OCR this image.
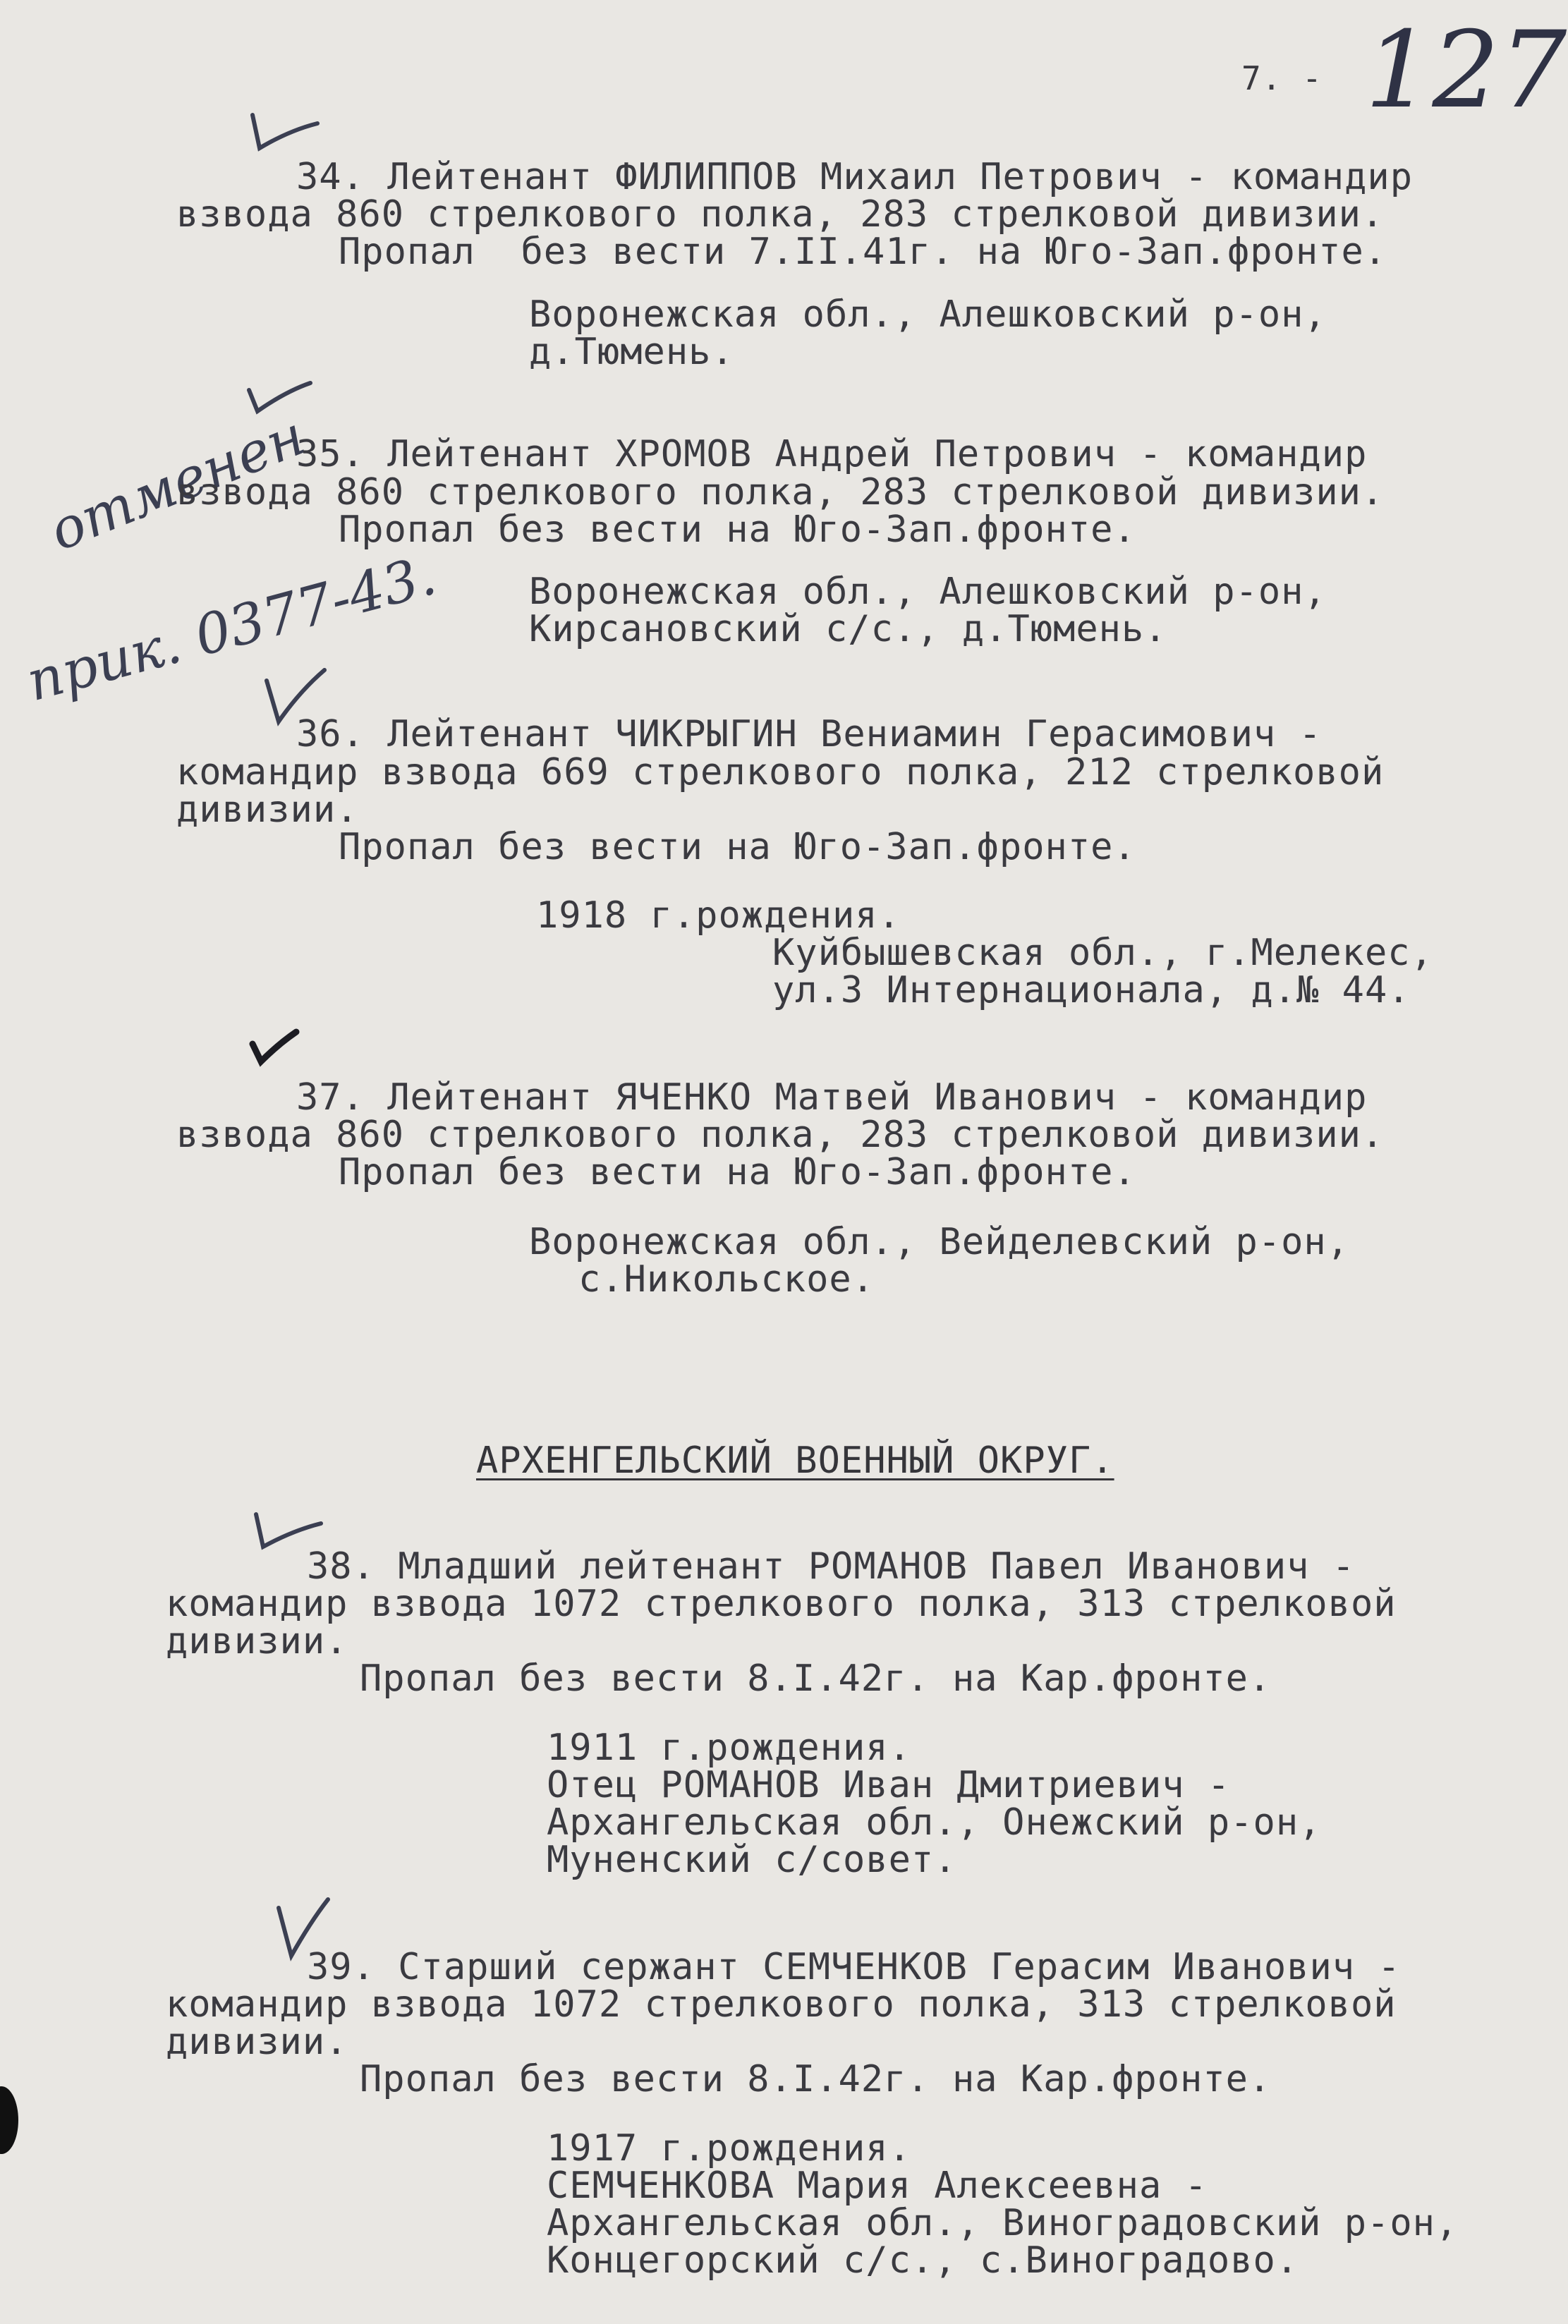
7. - 127
отменен
прик. 0377-43.
34. Лейтенант ФИЛИППОВ Михаил Петрович - командир
взвода 860 стрелкового полка, 283 стрелковой дивизии.
Пропал  без вести 7.II.41г. на Юго-Зап.фронте.
Воронежская обл., Алешковский р-он,
д.Тюмень.
35. Лейтенант ХРОМОВ Андрей Петрович - командир
взвода 860 стрелкового полка, 283 стрелковой дивизии.
Пропал без вести на Юго-Зап.фронте.
Воронежская обл., Алешковский р-он,
Кирсановский с/с., д.Тюмень.
36. Лейтенант ЧИКРЫГИН Вениамин Герасимович -
командир взвода 669 стрелкового полка, 212 стрелковой
дивизии.
Пропал без вести на Юго-Зап.фронте.
1918 г.рождения.
Куйбышевская обл., г.Мелекес,
ул.3 Интернационала, д.№ 44.
37. Лейтенант ЯЧЕНКО Матвей Иванович - командир
взвода 860 стрелкового полка, 283 стрелковой дивизии.
Пропал без вести на Юго-Зап.фронте.
Воронежская обл., Вейделевский р-он,
с.Никольское.
АРХЕНГЕЛЬСКИЙ ВОЕННЫЙ ОКРУГ.
38. Младший лейтенант РОМАНОВ Павел Иванович -
командир взвода 1072 стрелкового полка, 313 стрелковой
дивизии.
Пропал без вести 8.I.42г. на Кар.фронте.
1911 г.рождения.
Отец РОМАНОВ Иван Дмитриевич -
Архангельская обл., Онежский р-он,
Муненский с/совет.
39. Старший сержант СЕМЧЕНКОВ Герасим Иванович -
командир взвода 1072 стрелкового полка, 313 стрелковой
дивизии.
Пропал без вести 8.I.42г. на Кар.фронте.
1917 г.рождения.
СЕМЧЕНКОВА Мария Алексеевна -
Архангельская обл., Виноградовский р-он,
Концегорский с/с., с.Виноградово.
